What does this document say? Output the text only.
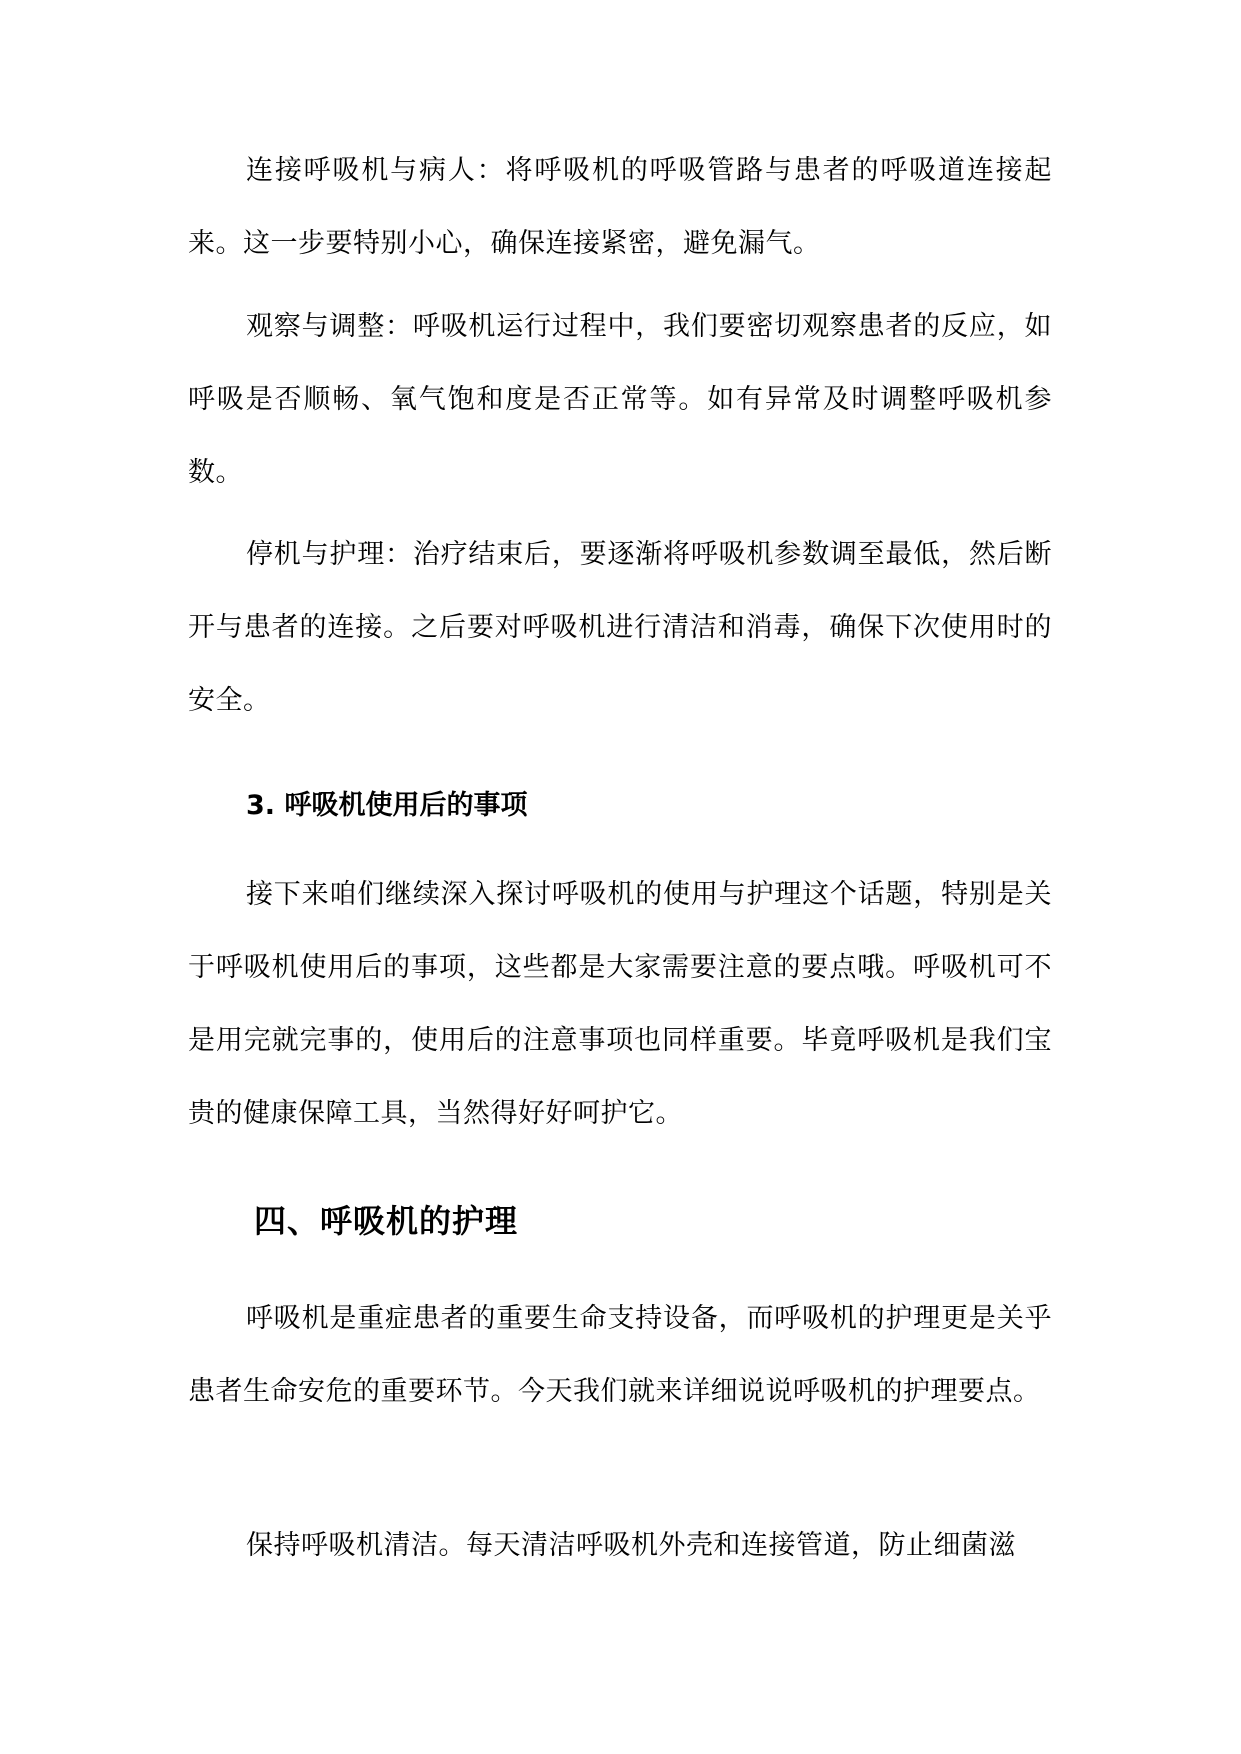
连接呼吸机与病人：将呼吸机的呼吸管路与患者的呼吸道连接起来。这一步要特别小心，确保连接紧密，避免漏气。

观察与调整：呼吸机运行过程中，我们要密切观察患者的反应，如呼吸是否顺畅、氧气饱和度是否正常等。如有异常及时调整呼吸机参数。

停机与护理：治疗结束后，要逐渐将呼吸机参数调至最低，然后断开与患者的连接。之后要对呼吸机进行清洁和消毒，确保下次使用时的安全。

3. 呼吸机使用后的事项

接下来咱们继续深入探讨呼吸机的使用与护理这个话题，特别是关于呼吸机使用后的事项，这些都是大家需要注意的要点哦。呼吸机可不是用完就完事的，使用后的注意事项也同样重要。毕竟呼吸机是我们宝贵的健康保障工具，当然得好好呵护它。

四、呼吸机的护理

呼吸机是重症患者的重要生命支持设备，而呼吸机的护理更是关乎患者生命安危的重要环节。今天我们就来详细说说呼吸机的护理要点。

保持呼吸机清洁。每天清洁呼吸机外壳和连接管道，防止细菌滋
